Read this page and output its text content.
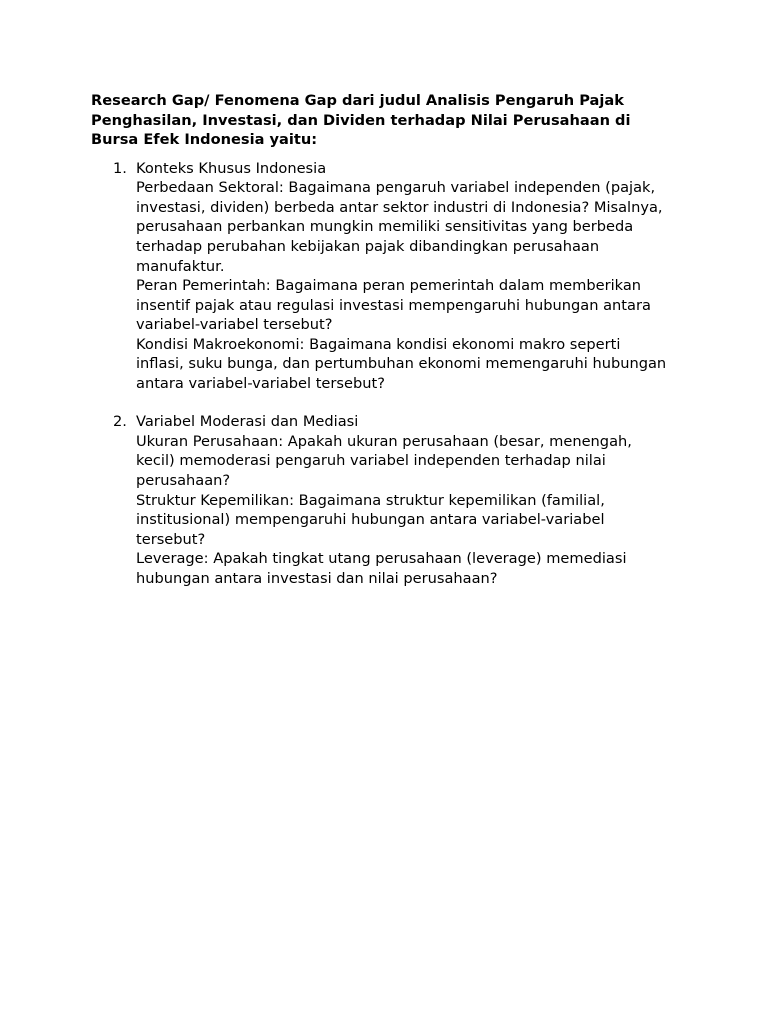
Research Gap/ Fenomena Gap dari judul Analisis Pengaruh Pajak Penghasilan, Investasi, dan Dividen terhadap Nilai Perusahaan di Bursa Efek Indonesia yaitu:
1. Konteks Khusus Indonesia

Perbedaan Sektoral: Bagaimana pengaruh variabel independen (pajak, investasi, dividen) berbeda antar sektor industri di Indonesia? Misalnya, perusahaan perbankan mungkin memiliki sensitivitas yang berbeda terhadap perubahan kebijakan pajak dibandingkan perusahaan manufaktur.

Peran Pemerintah: Bagaimana peran pemerintah dalam memberikan insentif pajak atau regulasi investasi mempengaruhi hubungan antara variabel-variabel tersebut?

Kondisi Makroekonomi: Bagaimana kondisi ekonomi makro seperti inflasi, suku bunga, dan pertumbuhan ekonomi memengaruhi hubungan antara variabel-variabel tersebut?

2. Variabel Moderasi dan Mediasi

Ukuran Perusahaan: Apakah ukuran perusahaan (besar, menengah, kecil) memoderasi pengaruh variabel independen terhadap nilai perusahaan?

Struktur Kepemilikan: Bagaimana struktur kepemilikan (familial, institusional) mempengaruhi hubungan antara variabel-variabel tersebut?

Leverage: Apakah tingkat utang perusahaan (leverage) memediasi hubungan antara investasi dan nilai perusahaan?
